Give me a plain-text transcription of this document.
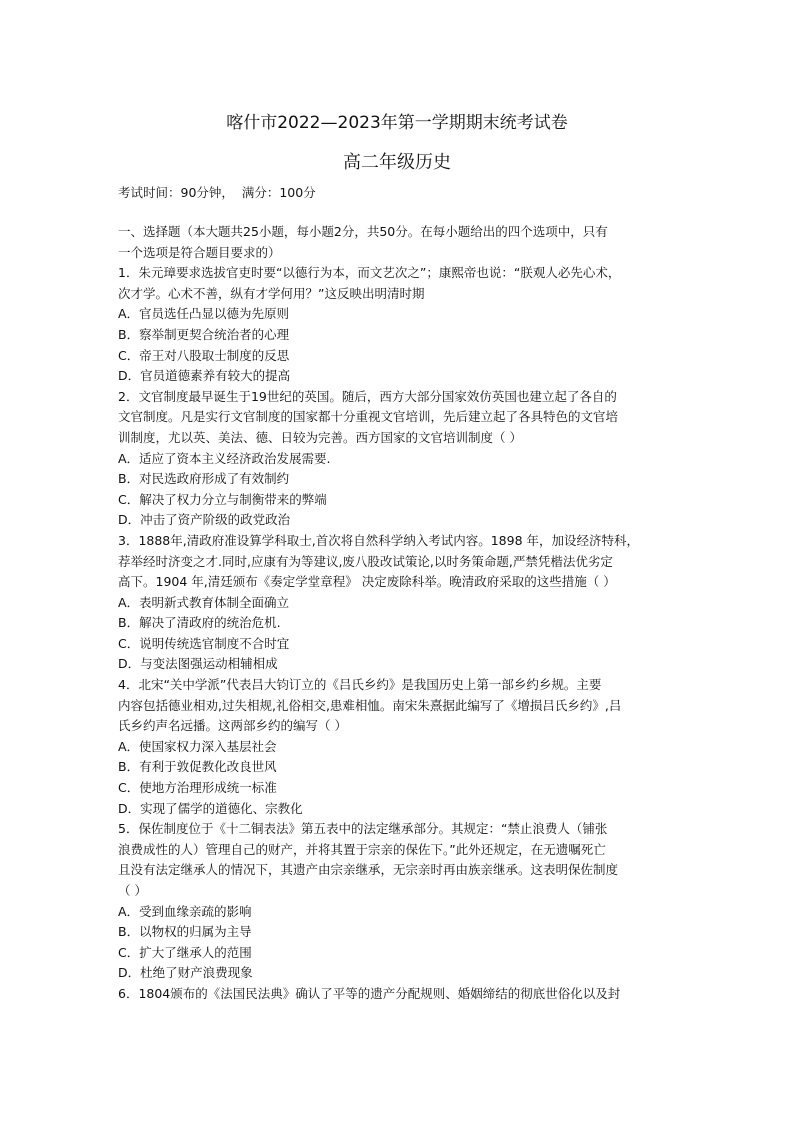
喀什市2022—2023年第一学期期末统考试卷
高二年级历史
考试时间：90分钟，  满分：100分
一、选择题（本大题共25小题，每小题2分，共50分。在每小题给出的四个选项中，只有
一个选项是符合题目要求的）
1．朱元璋要求选拔官吏时要“以德行为本，而文艺次之”；康熙帝也说：“朕观人必先心术，
次才学。心术不善，纵有才学何用？”这反映出明清时期
A．官员选任凸显以德为先原则
B．察举制更契合统治者的心理
C．帝王对八股取士制度的反思
D．官员道德素养有较大的提高
2．文官制度最早诞生于19世纪的英国。随后，西方大部分国家效仿英国也建立起了各自的
文官制度。凡是实行文官制度的国家都十分重视文官培训，先后建立起了各具特色的文官培
训制度，尤以英、美法、德、日较为完善。西方国家的文官培训制度（ ）
A．适应了资本主义经济政治发展需要.
B．对民选政府形成了有效制约
C．解决了权力分立与制衡带来的弊端
D．冲击了资产阶级的政党政治
3．1888年,清政府准设算学科取士,首次将自然科学纳入考试内容。1898 年，加设经济特科，
荐举经时济变之才.同时,应康有为等建议,废八股改试策论,以时务策命题,严禁凭楷法优劣定
高下。1904 年,清廷颁布《奏定学堂章程》 决定废除科举。晚清政府采取的这些措施（ ）
A．表明新式教育体制全面确立
B．解决了清政府的统治危机.
C．说明传统选官制度不合时宜
D．与变法图强运动相辅相成
4．北宋“关中学派”代表吕大钧订立的《吕氏乡约》是我国历史上第一部乡约乡规。主要
内容包括德业相劝,过失相规,礼俗相交,患难相恤。南宋朱熹据此编写了《增损吕氏乡约》,吕
氏乡约声名远播。这两部乡约的编写（ ）
A．使国家权力深入基层社会
B．有利于敦促教化改良世风
C．使地方治理形成统一标准
D．实现了儒学的道德化、宗教化
5．保佐制度位于《十二铜表法》第五表中的法定继承部分。其规定：“禁止浪费人（铺张
浪费成性的人）管理自己的财产，并将其置于宗亲的保佐下。”此外还规定，在无遗嘱死亡
且没有法定继承人的情况下，其遗产由宗亲继承，无宗亲时再由族亲继承。这表明保佐制度
（ ）
A．受到血缘亲疏的影响
B．以物权的归属为主导
C．扩大了继承人的范围
D．杜绝了财产浪费现象
6．1804颁布的《法国民法典》确认了平等的遗产分配规则、婚姻缔结的彻底世俗化以及封
